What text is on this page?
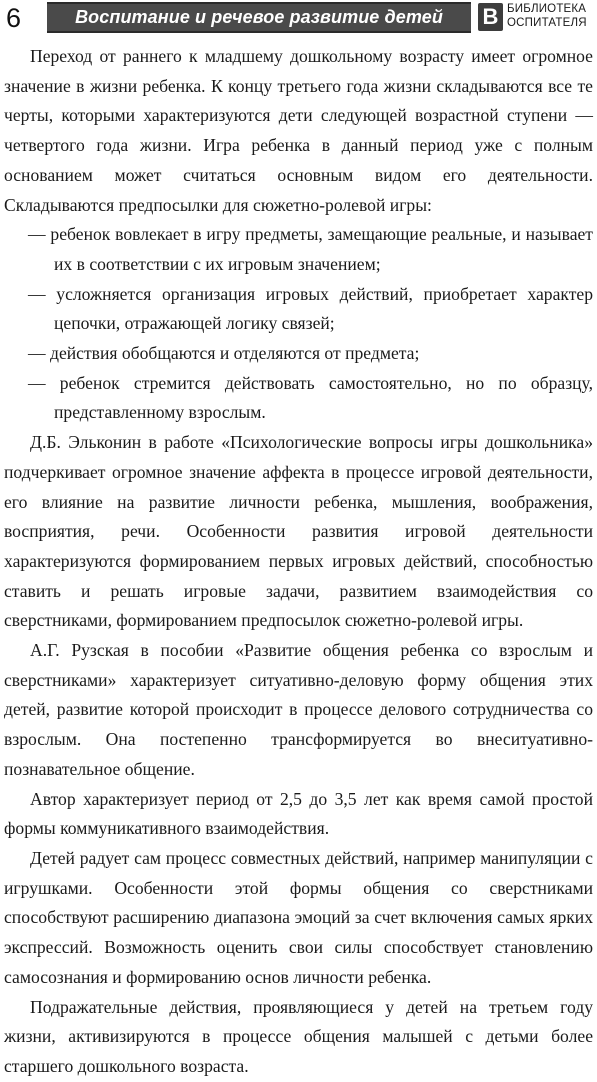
6	Воспитание и речевое развитие детей В БИБЛИОТЕКА
ОСПИТАТЕЛЯ

Переход от раннего к младшему дошкольному возрасту имеет огромное значение в жизни ребенка. К концу третьего года жизни складываются все те черты, которыми характеризуются дети следующей возрастной ступени — четвертого года жизни. Игра ребенка в данный период уже с полным основанием может считаться основным видом его деятельности. Складываются предпосылки для сюжетно-ролевой игры:

— ребенок вовлекает в игру предметы, замещающие реальные, и называет их в соответствии с их игровым значением;

— усложняется организация игровых действий, приобретает характер цепочки, отражающей логику связей;

— действия обобщаются и отделяются от предмета;

— ребенок стремится действовать самостоятельно, но по образцу, представленному взрослым.

Д.Б. Эльконин в работе «Психологические вопросы игры дошкольника» подчеркивает огромное значение аффекта в процессе игровой деятельности, его влияние на развитие личности ребенка, мышления, воображения, восприятия, речи. Особенности развития игровой деятельности характеризуются формированием первых игровых действий, способностью ставить и решать игровые задачи, развитием взаимодействия со сверстниками, формированием предпосылок сюжетно-ролевой игры.

А.Г. Рузская в пособии «Развитие общения ребенка со взрослым и сверстниками» характеризует ситуативно-деловую форму общения этих детей, развитие которой происходит в процессе делового сотрудничества со взрослым. Она постепенно трансформируется во внеситуативно-познавательное общение.

Автор характеризует период от 2,5 до 3,5 лет как время самой простой формы коммуникативного взаимодействия.

Детей радует сам процесс совместных действий, например манипуляции с игрушками. Особенности этой формы общения со сверстниками способствуют расширению диапазона эмоций за счет включения самых ярких экспрессий. Возможность оценить свои силы способствует становлению самосознания и формированию основ личности ребенка.

Подражательные действия, проявляющиеся у детей на третьем году жизни, активизируются в процессе общения малышей с детьми более старшего дошкольного возраста.
